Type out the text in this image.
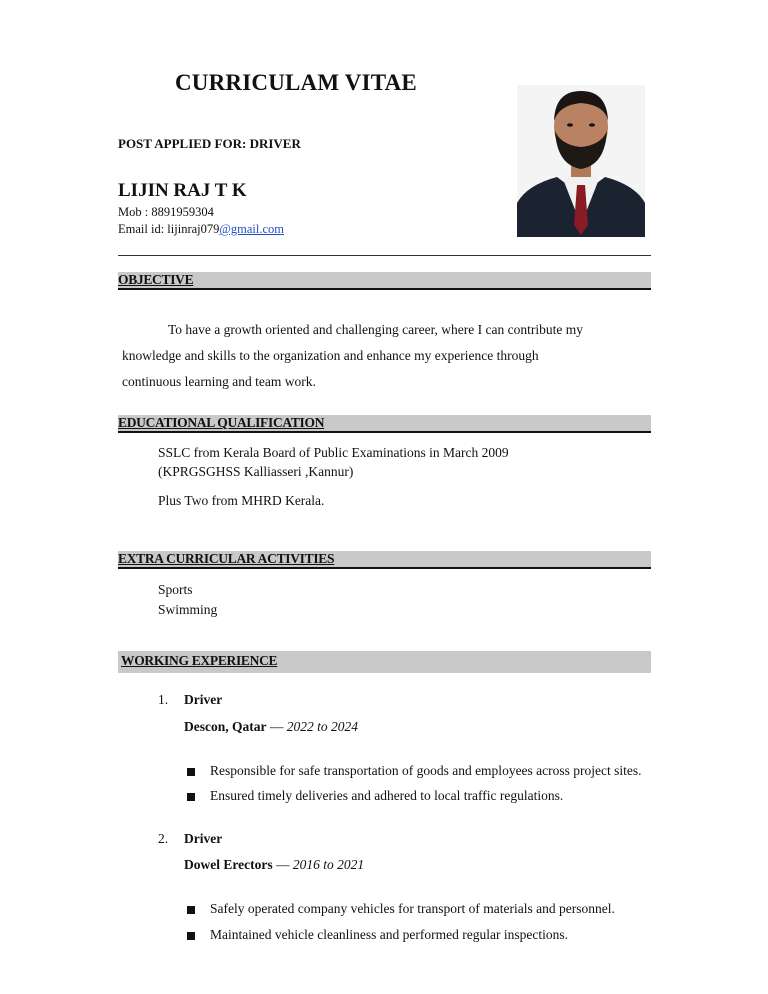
CURRICULAM VITAE
POST APPLIED FOR: DRIVER
LIJIN RAJ T K
Mob : 8891959304
Email id: lijinraj079@gmail.com
OBJECTIVE
To have a growth oriented and challenging career, where I can contribute my
knowledge and skills to the organization and enhance my experience through
continuous learning and team work.
EDUCATIONAL QUALIFICATION
SSLC from Kerala Board of Public Examinations in March 2009
(KPRGSGHSS Kalliasseri ,Kannur)
Plus Two from MHRD Kerala.
EXTRA CURRICULAR ACTIVITIES
Sports
Swimming
WORKING EXPERIENCE
1. Driver
Descon, Qatar — 2022 to 2024
Responsible for safe transportation of goods and employees across project sites.
Ensured timely deliveries and adhered to local traffic regulations.
2. Driver
Dowel Erectors — 2016 to 2021
Safely operated company vehicles for transport of materials and personnel.
Maintained vehicle cleanliness and performed regular inspections.
